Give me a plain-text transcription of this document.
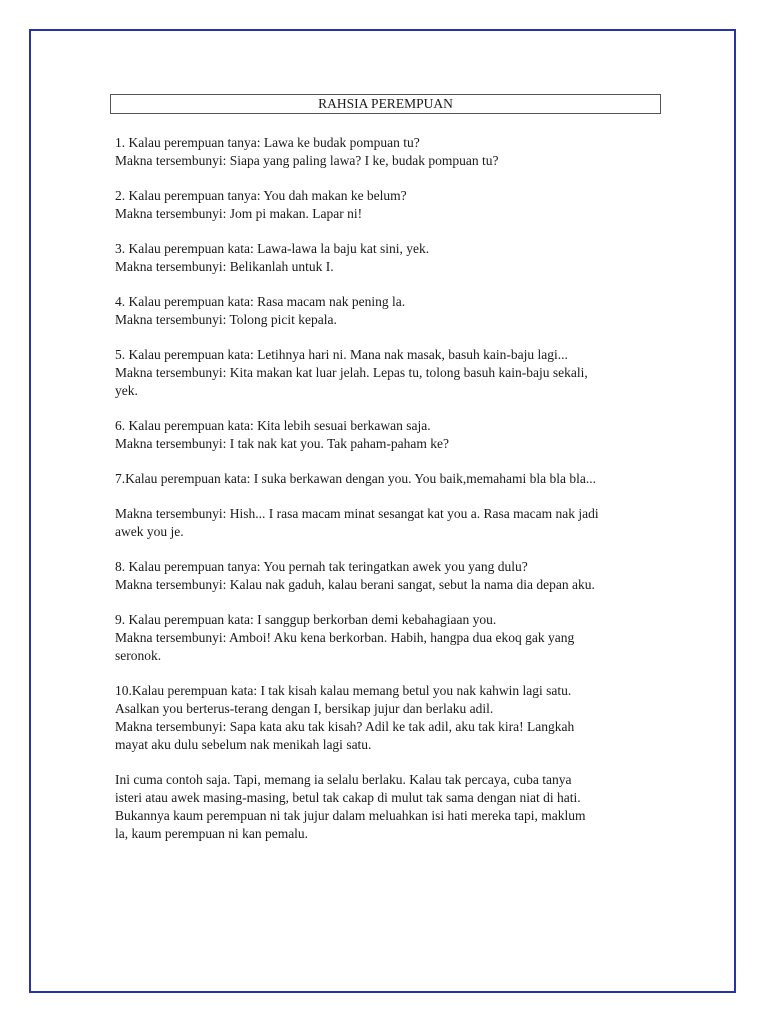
RAHSIA PEREMPUAN
1. Kalau perempuan tanya: Lawa ke budak pompuan tu?
Makna tersembunyi: Siapa yang paling lawa? I ke, budak pompuan tu?
2. Kalau perempuan tanya: You dah makan ke belum?
Makna tersembunyi: Jom pi makan. Lapar ni!
3. Kalau perempuan kata: Lawa-lawa la baju kat sini, yek.
Makna tersembunyi: Belikanlah untuk I.
4. Kalau perempuan kata: Rasa macam nak pening la.
Makna tersembunyi: Tolong picit kepala.
5. Kalau perempuan kata: Letihnya hari ni. Mana nak masak, basuh kain-baju lagi...
Makna tersembunyi: Kita makan kat luar jelah. Lepas tu, tolong basuh kain-baju sekali,
yek.
6. Kalau perempuan kata: Kita lebih sesuai berkawan saja.
Makna tersembunyi: I tak nak kat you. Tak paham-paham ke?
7.Kalau perempuan kata: I suka berkawan dengan you. You baik,memahami bla bla bla...
Makna tersembunyi: Hish... I rasa macam minat sesangat kat you a. Rasa macam nak jadi
awek you je.
8. Kalau perempuan tanya: You pernah tak teringatkan awek you yang dulu?
Makna tersembunyi: Kalau nak gaduh, kalau berani sangat, sebut la nama dia depan aku.
9. Kalau perempuan kata: I sanggup berkorban demi kebahagiaan you.
Makna tersembunyi: Amboi! Aku kena berkorban. Habih, hangpa dua ekoq gak yang
seronok.
10.Kalau perempuan kata: I tak kisah kalau memang betul you nak kahwin lagi satu.
Asalkan you berterus-terang dengan I, bersikap jujur dan berlaku adil.
Makna tersembunyi: Sapa kata aku tak kisah? Adil ke tak adil, aku tak kira! Langkah
mayat aku dulu sebelum nak menikah lagi satu.
Ini cuma contoh saja. Tapi, memang ia selalu berlaku. Kalau tak percaya, cuba tanya
isteri atau awek masing-masing, betul tak cakap di mulut tak sama dengan niat di hati.
Bukannya kaum perempuan ni tak jujur dalam meluahkan isi hati mereka tapi, maklum
la, kaum perempuan ni kan pemalu.
